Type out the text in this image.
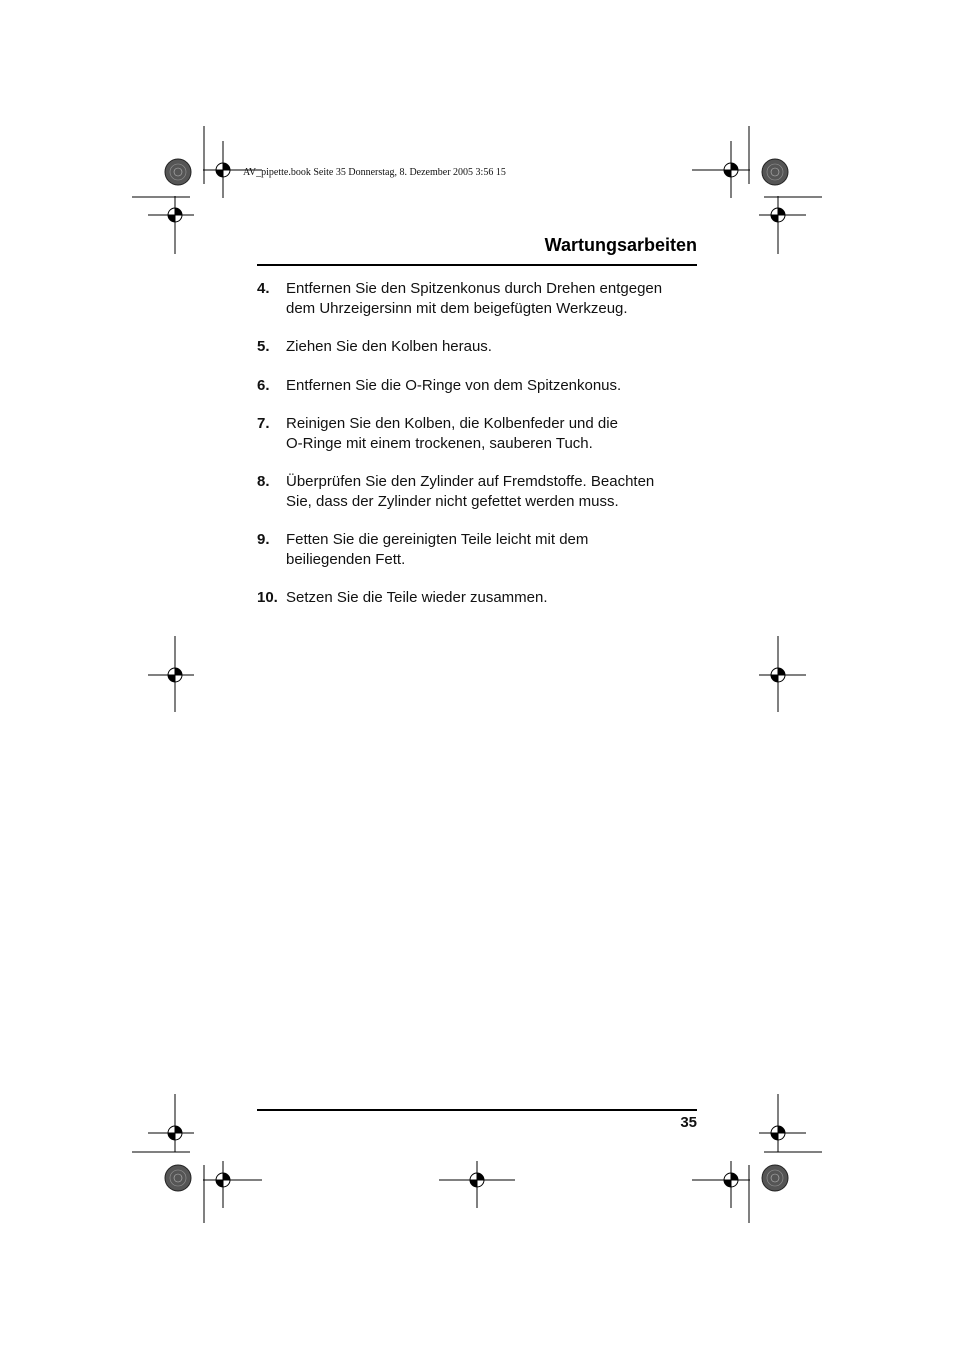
AV_pipette.book Seite 35 Donnerstag, 8. Dezember 2005 3:56 15
Wartungsarbeiten
4.	Entfernen Sie den Spitzenkonus durch Drehen entgegen
dem Uhrzeigersinn mit dem beigefügten Werkzeug.
5.	Ziehen Sie den Kolben heraus.
6.	Entfernen Sie die O-Ringe von dem Spitzenkonus.
7.	Reinigen Sie den Kolben, die Kolbenfeder und die
O-Ringe mit einem trockenen, sauberen Tuch.
8.	Überprüfen Sie den Zylinder auf Fremdstoffe. Beachten
Sie, dass der Zylinder nicht gefettet werden muss.
9.	Fetten Sie die gereinigten Teile leicht mit dem
beiliegenden Fett.
10. Setzen Sie die Teile wieder zusammen.
35
